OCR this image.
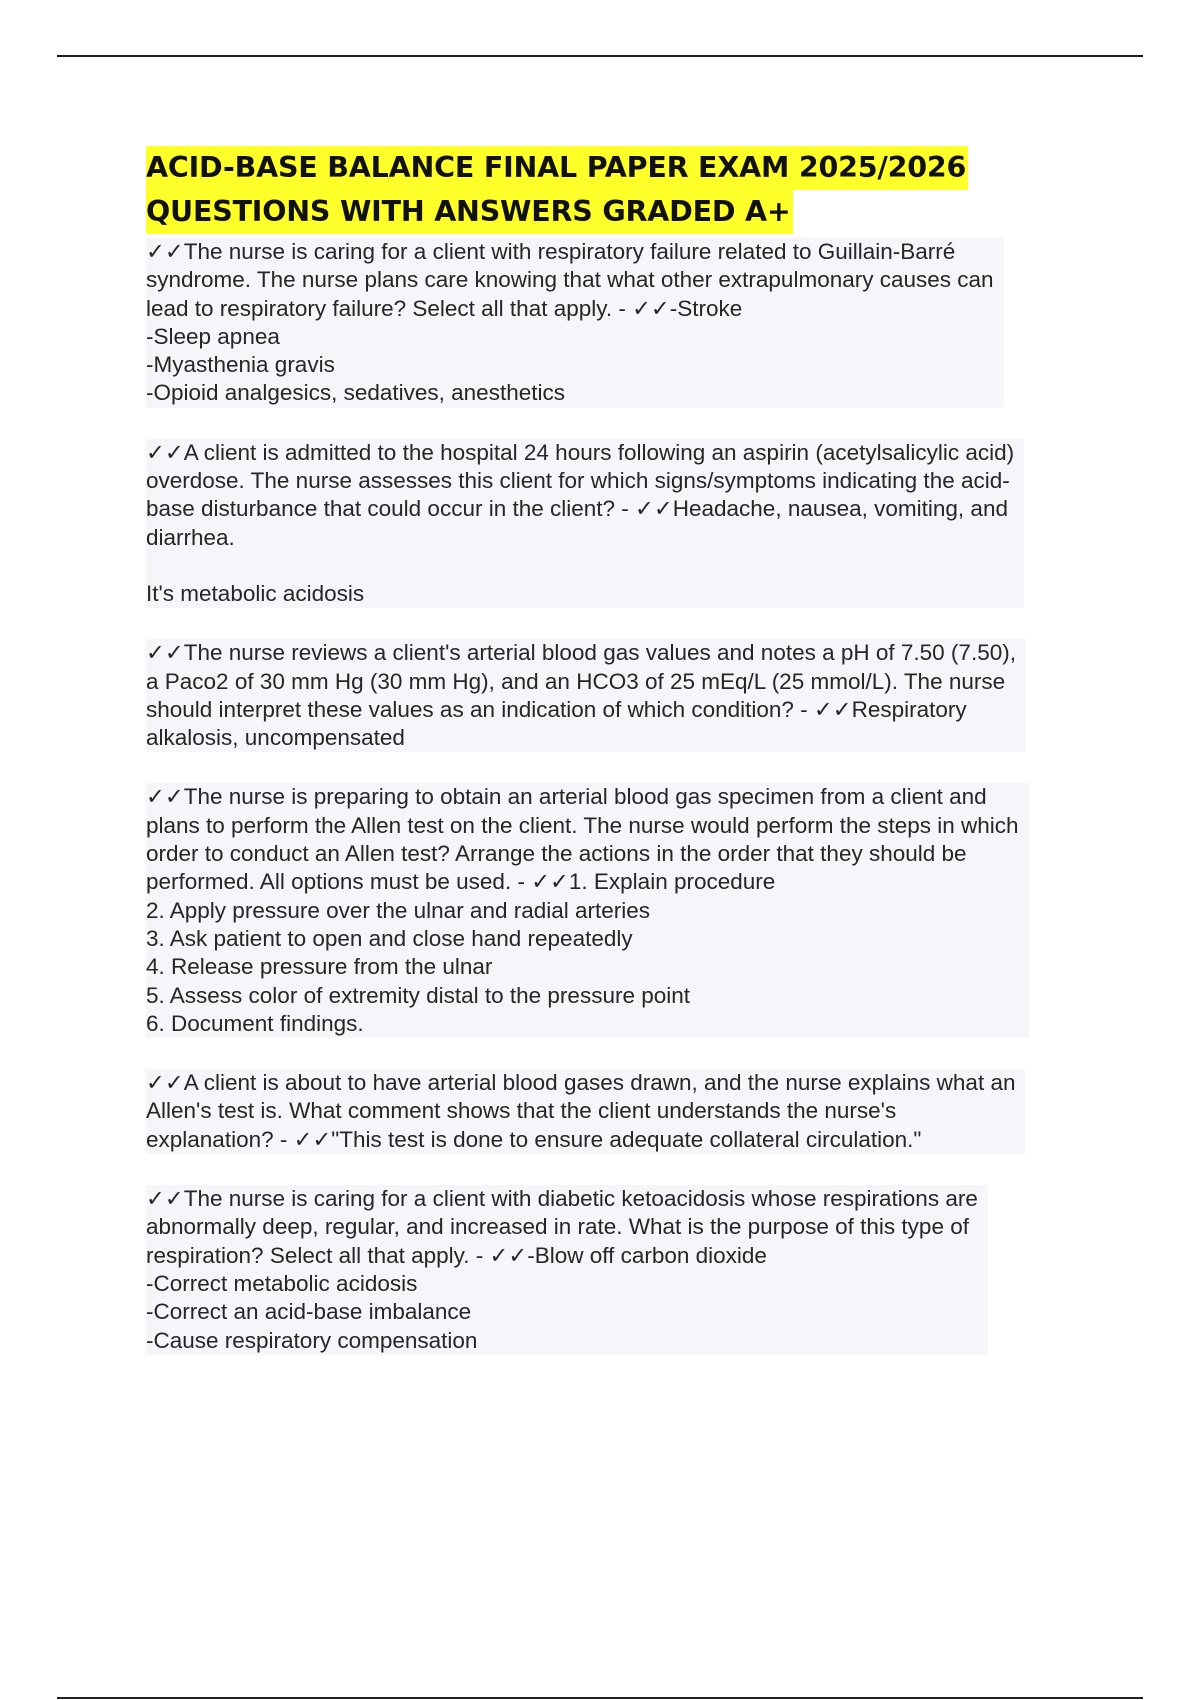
ACID-BASE BALANCE FINAL PAPER EXAM 2025/2026
QUESTIONS WITH ANSWERS GRADED A+
✓✓The nurse is caring for a client with respiratory failure related to Guillain-Barré
syndrome. The nurse plans care knowing that what other extrapulmonary causes can
lead to respiratory failure? Select all that apply. - ✓✓-Stroke
-Sleep apnea
-Myasthenia gravis
-Opioid analgesics, sedatives, anesthetics
✓✓A client is admitted to the hospital 24 hours following an aspirin (acetylsalicylic acid)
overdose. The nurse assesses this client for which signs/symptoms indicating the acid-
base disturbance that could occur in the client? - ✓✓Headache, nausea, vomiting, and
diarrhea.
It's metabolic acidosis
✓✓The nurse reviews a client's arterial blood gas values and notes a pH of 7.50 (7.50),
a Paco2 of 30 mm Hg (30 mm Hg), and an HCO3 of 25 mEq/L (25 mmol/L). The nurse
should interpret these values as an indication of which condition? - ✓✓Respiratory
alkalosis, uncompensated
✓✓The nurse is preparing to obtain an arterial blood gas specimen from a client and
plans to perform the Allen test on the client. The nurse would perform the steps in which
order to conduct an Allen test? Arrange the actions in the order that they should be
performed. All options must be used. - ✓✓1. Explain procedure
2. Apply pressure over the ulnar and radial arteries
3. Ask patient to open and close hand repeatedly
4. Release pressure from the ulnar
5. Assess color of extremity distal to the pressure point
6. Document findings.
✓✓A client is about to have arterial blood gases drawn, and the nurse explains what an
Allen's test is. What comment shows that the client understands the nurse's
explanation? - ✓✓"This test is done to ensure adequate collateral circulation."
✓✓The nurse is caring for a client with diabetic ketoacidosis whose respirations are
abnormally deep, regular, and increased in rate. What is the purpose of this type of
respiration? Select all that apply. - ✓✓-Blow off carbon dioxide
-Correct metabolic acidosis
-Correct an acid-base imbalance
-Cause respiratory compensation
